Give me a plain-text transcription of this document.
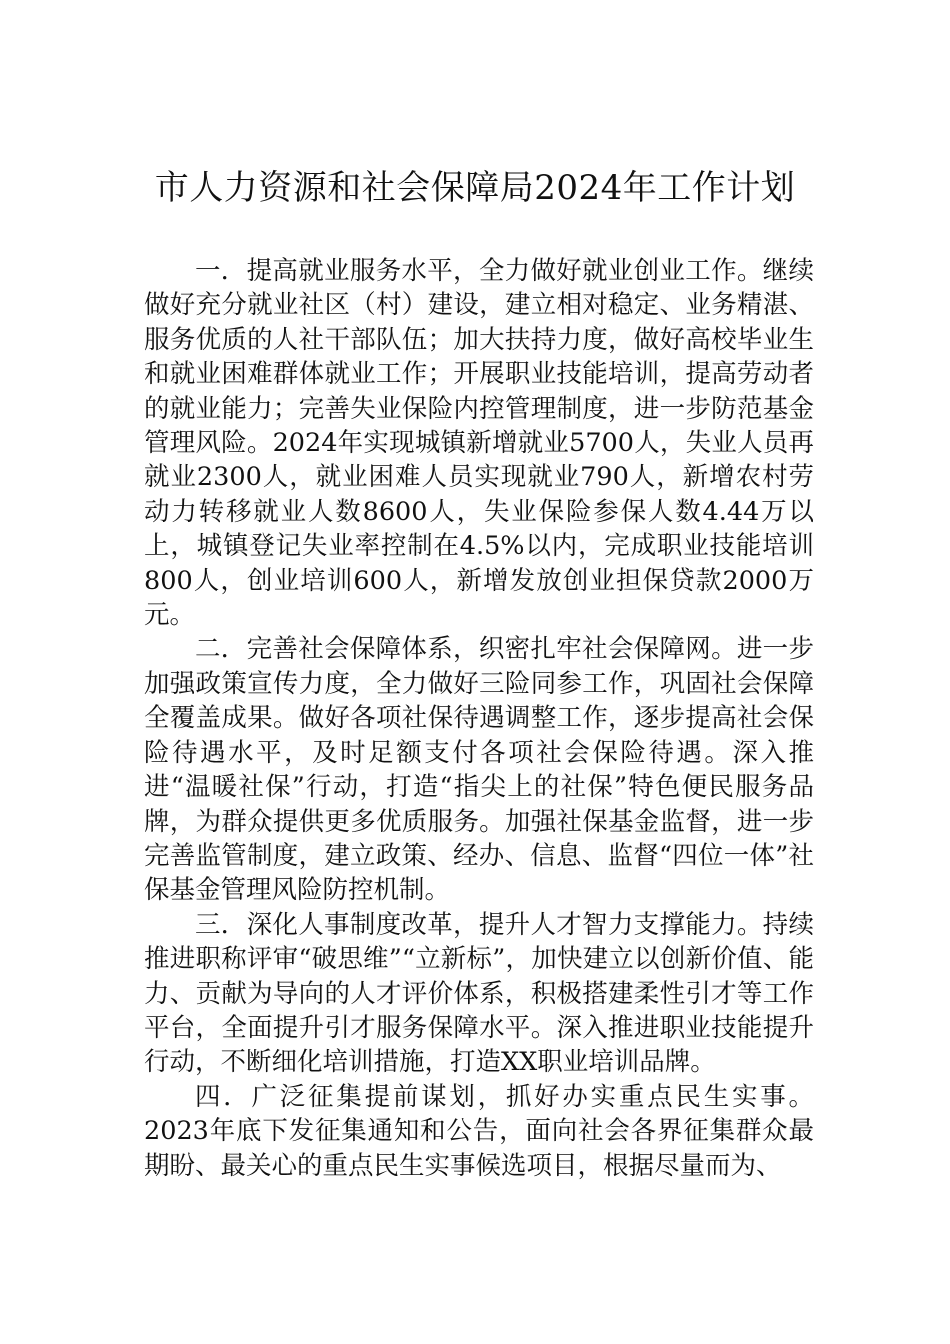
市人力资源和社会保障局2024年工作计划

一．提高就业服务水平，全力做好就业创业工作。继续做好充分就业社区（村）建设，建立相对稳定、业务精湛、服务优质的人社干部队伍；加大扶持力度，做好高校毕业生和就业困难群体就业工作；开展职业技能培训，提高劳动者的就业能力；完善失业保险内控管理制度，进一步防范基金管理风险。2024年实现城镇新增就业5700人，失业人员再就业2300人，就业困难人员实现就业790人，新增农村劳动力转移就业人数8600人，失业保险参保人数4.44万以上，城镇登记失业率控制在4.5%以内，完成职业技能培训800人，创业培训600人，新增发放创业担保贷款2000万元。

二．完善社会保障体系，织密扎牢社会保障网。进一步加强政策宣传力度，全力做好三险同参工作，巩固社会保障全覆盖成果。做好各项社保待遇调整工作，逐步提高社会保险待遇水平，及时足额支付各项社会保险待遇。深入推进“温暖社保”行动，打造“指尖上的社保”特色便民服务品牌，为群众提供更多优质服务。加强社保基金监督，进一步完善监管制度，建立政策、经办、信息、监督“四位一体”社保基金管理风险防控机制。

三．深化人事制度改革，提升人才智力支撑能力。持续推进职称评审“破思维”“立新标”，加快建立以创新价值、能力、贡献为导向的人才评价体系，积极搭建柔性引才等工作平台，全面提升引才服务保障水平。深入推进职业技能提升行动，不断细化培训措施，打造XX职业培训品牌。

四．广泛征集提前谋划，抓好办实重点民生实事。2023年底下发征集通知和公告，面向社会各界征集群众最期盼、最关心的重点民生实事候选项目，根据尽量而为、
